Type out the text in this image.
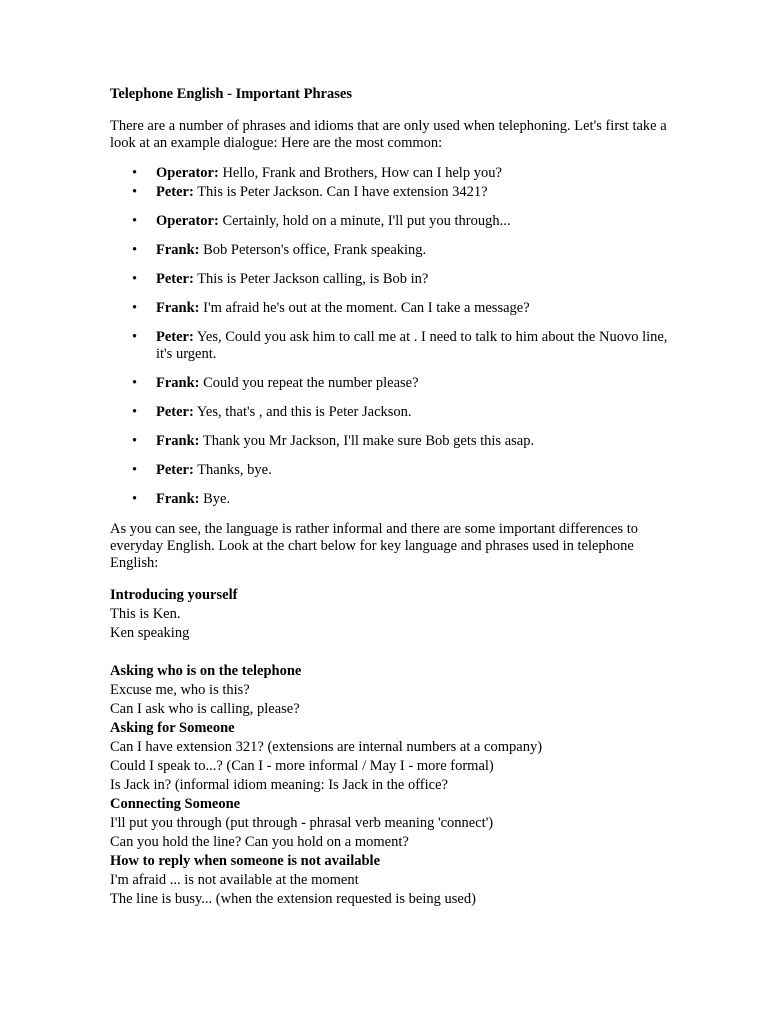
Telephone English - Important Phrases
There are a number of phrases and idioms that are only used when telephoning. Let's first take a look at an example dialogue: Here are the most common:
• Operator: Hello, Frank and Brothers, How can I help you?
• Peter: This is Peter Jackson. Can I have extension 3421?
• Operator: Certainly, hold on a minute, I'll put you through...
• Frank: Bob Peterson's office, Frank speaking.
• Peter: This is Peter Jackson calling, is Bob in?
• Frank: I'm afraid he's out at the moment. Can I take a message?
• Peter: Yes, Could you ask him to call me at . I need to talk to him about the Nuovo line, it's urgent.
• Frank: Could you repeat the number please?
• Peter: Yes, that's , and this is Peter Jackson.
• Frank: Thank you Mr Jackson, I'll make sure Bob gets this asap.
• Peter: Thanks, bye.
• Frank: Bye.
As you can see, the language is rather informal and there are some important differences to everyday English. Look at the chart below for key language and phrases used in telephone English:
Introducing yourself
This is Ken.
Ken speaking
Asking who is on the telephone
Excuse me, who is this?
Can I ask who is calling, please?
Asking for Someone
Can I have extension 321? (extensions are internal numbers at a company)
Could I speak to...? (Can I - more informal / May I - more formal)
Is Jack in? (informal idiom meaning: Is Jack in the office?
Connecting Someone
I'll put you through (put through - phrasal verb meaning 'connect')
Can you hold the line? Can you hold on a moment?
How to reply when someone is not available
I'm afraid ... is not available at the moment
The line is busy... (when the extension requested is being used)
